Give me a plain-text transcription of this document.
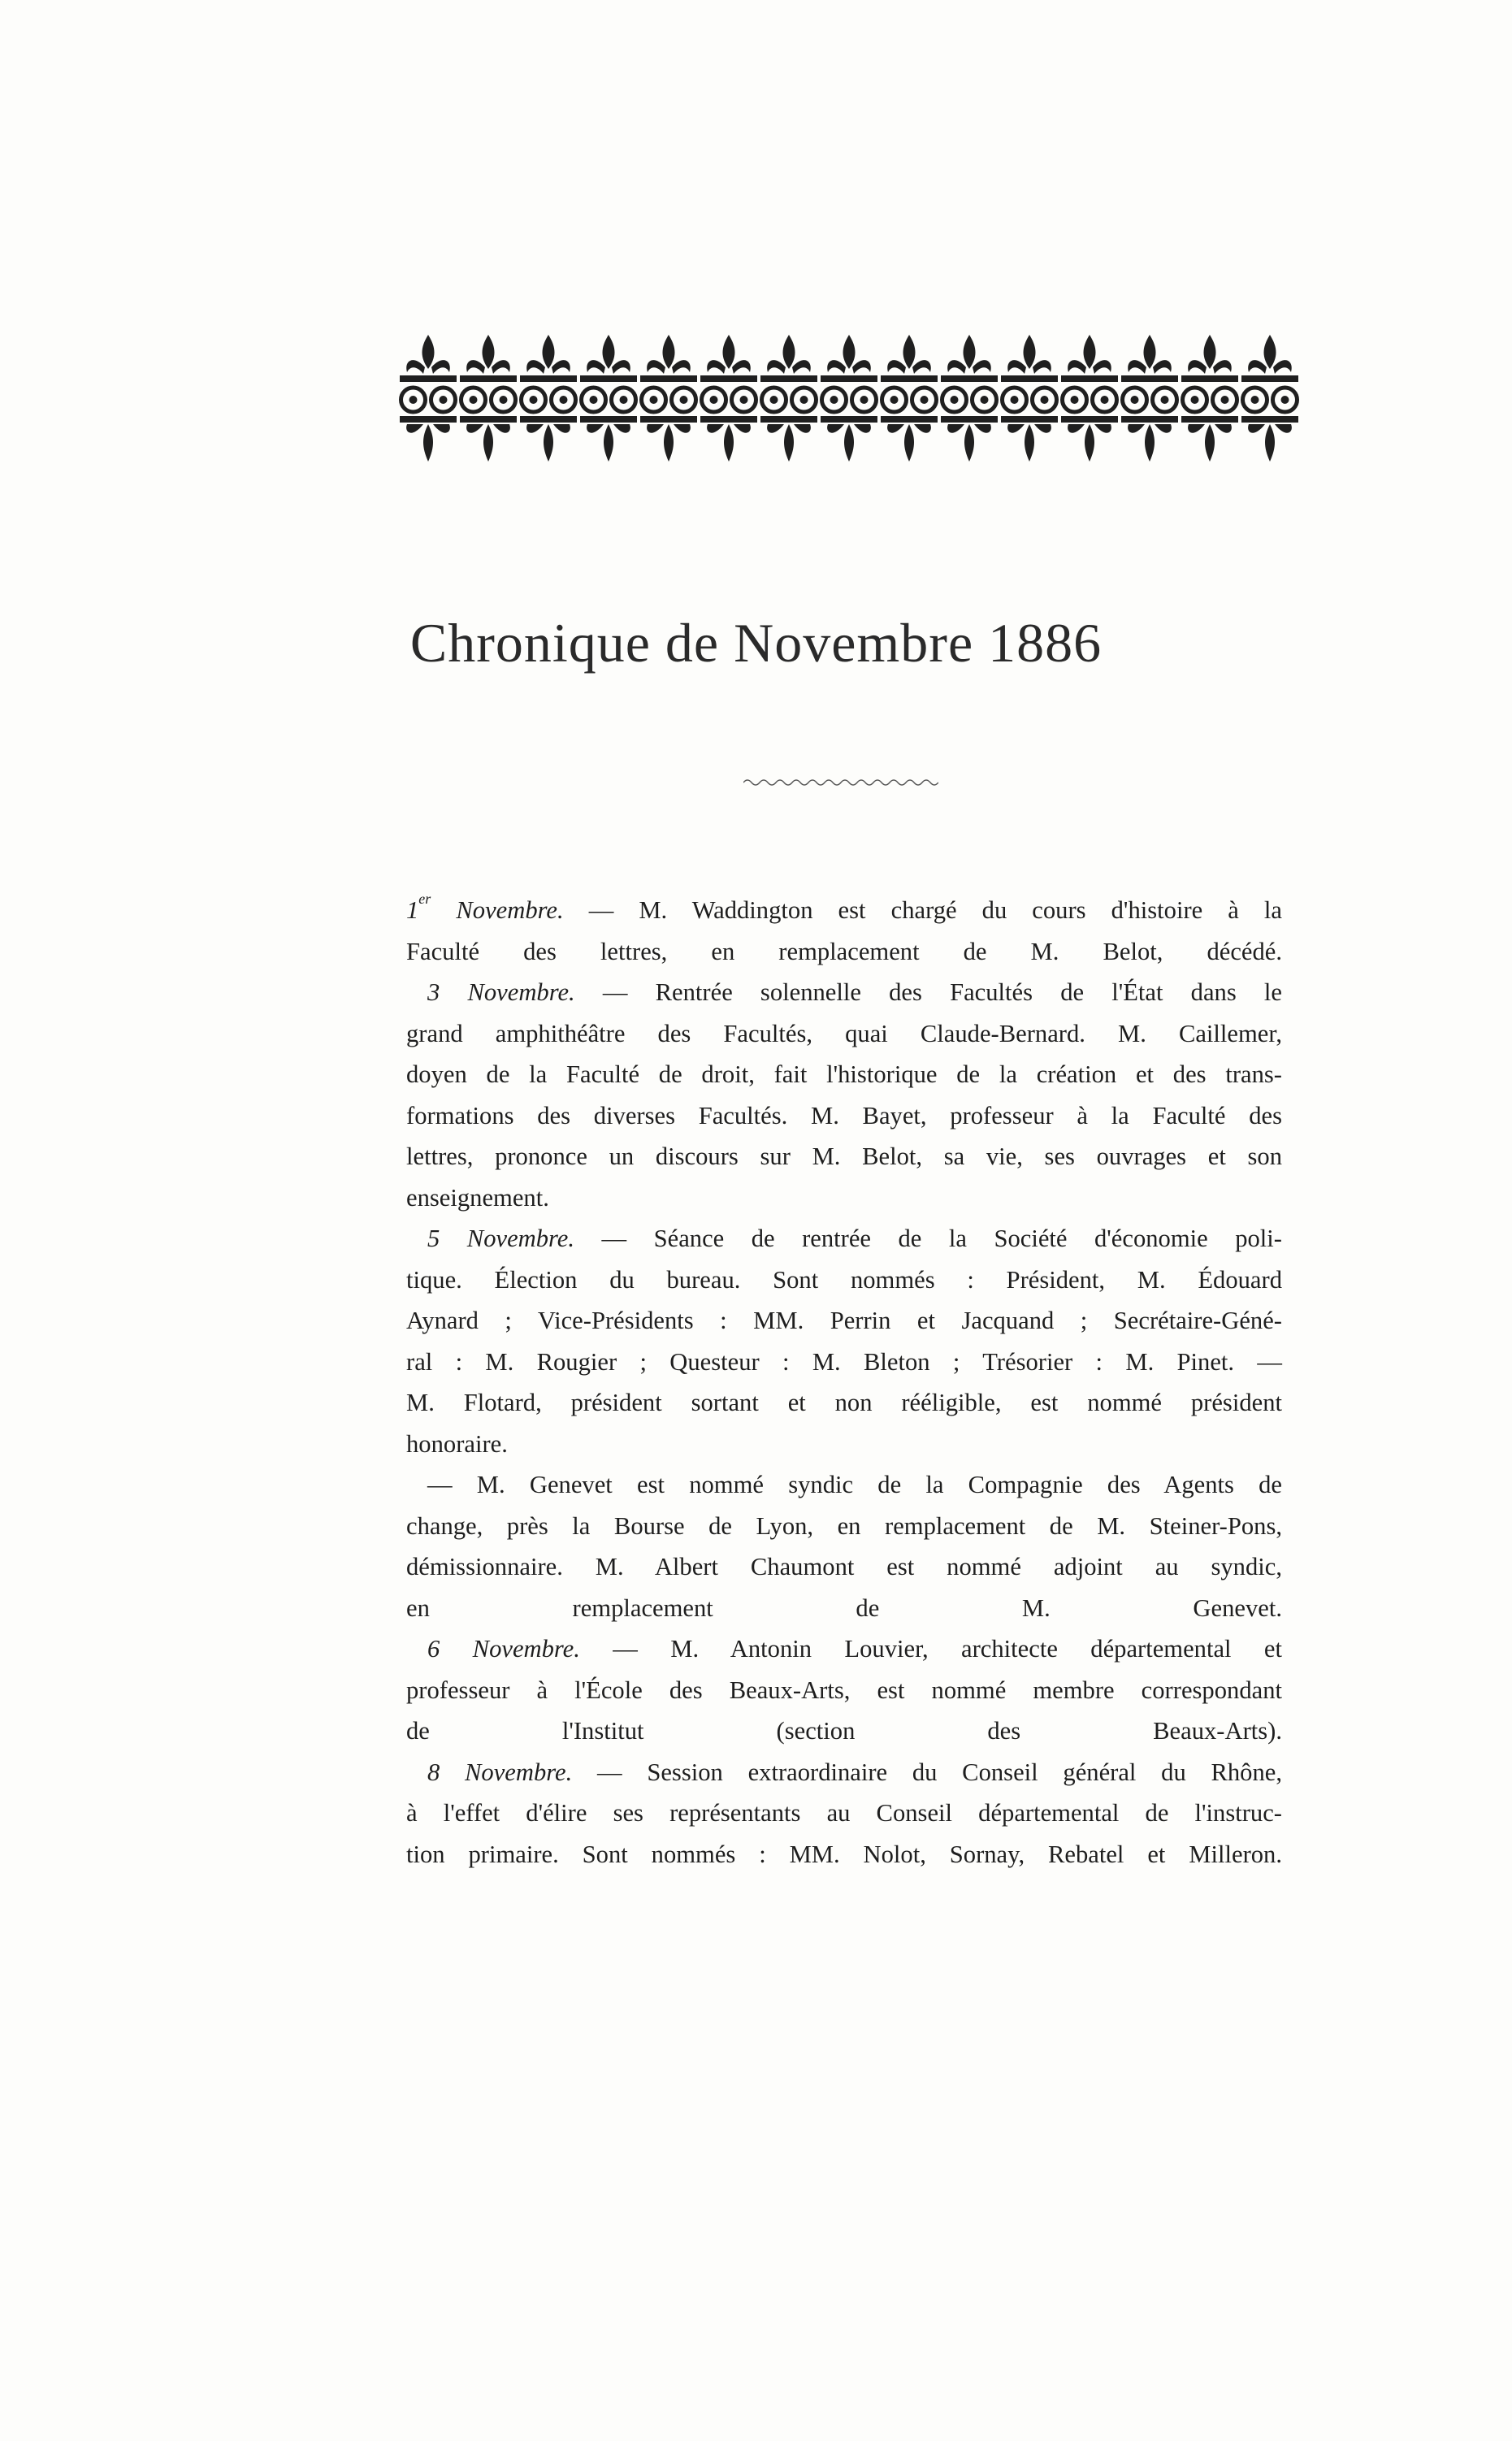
Chronique de Novembre 1886

1er Novembre. — M. Waddington est chargé du cours d'histoire à la
Faculté des lettres, en remplacement de M. Belot, décédé.

3 Novembre. — Rentrée solennelle des Facultés de l'État dans le
grand amphithéâtre des Facultés, quai Claude-Bernard. M. Caillemer,
doyen de la Faculté de droit, fait l'historique de la création et des trans-
formations des diverses Facultés. M. Bayet, professeur à la Faculté des
lettres, prononce un discours sur M. Belot, sa vie, ses ouvrages et son
enseignement.

5 Novembre. — Séance de rentrée de la Société d'économie poli-
tique. Élection du bureau. Sont nommés : Président, M. Édouard
Aynard ; Vice-Présidents : MM. Perrin et Jacquand ; Secrétaire-Géné-
ral : M. Rougier ; Questeur : M. Bleton ; Trésorier : M. Pinet. —
M. Flotard, président sortant et non rééligible, est nommé président
honoraire.

— M. Genevet est nommé syndic de la Compagnie des Agents de
change, près la Bourse de Lyon, en remplacement de M. Steiner-Pons,
démissionnaire. M. Albert Chaumont est nommé adjoint au syndic,
en remplacement de M. Genevet.

6 Novembre. — M. Antonin Louvier, architecte départemental et
professeur à l'École des Beaux-Arts, est nommé membre correspondant
de l'Institut (section des Beaux-Arts).

8 Novembre. — Session extraordinaire du Conseil général du Rhône,
à l'effet d'élire ses représentants au Conseil départemental de l'instruc-
tion primaire. Sont nommés : MM. Nolot, Sornay, Rebatel et Milleron.
